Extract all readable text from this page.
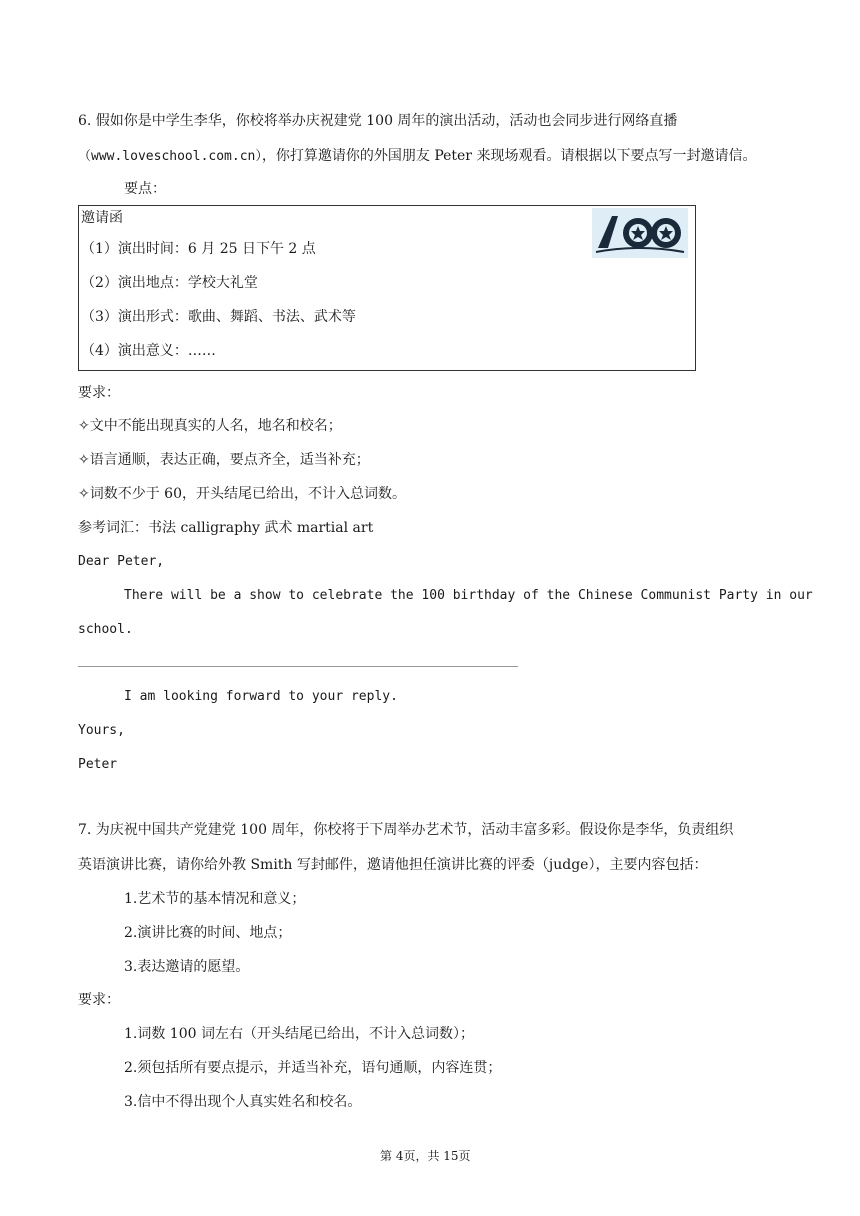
6. 假如你是中学生李华，你校将举办庆祝建党 100 周年的演出活动，活动也会同步进行网络直播
（www.loveschool.com.cn），你打算邀请你的外国朋友 Peter 来现场观看。请根据以下要点写一封邀请信。
要点：
邀请函
（1）演出时间：6 月 25 日下午 2 点
（2）演出地点：学校大礼堂
（3）演出形式：歌曲、舞蹈、书法、武术等
（4）演出意义：……
要求：
✧文中不能出现真实的人名，地名和校名；
✧语言通顺，表达正确，要点齐全，适当补充；
✧词数不少于 60，开头结尾已给出，不计入总词数。
参考词汇：书法 calligraphy 武术 martial art
Dear Peter,
There will be a show to celebrate the 100 birthday of the Chinese Communist Party in our
school.
I am looking forward to your reply.
Yours,
Peter
7. 为庆祝中国共产党建党 100 周年，你校将于下周举办艺术节，活动丰富多彩。假设你是李华，负责组织
英语演讲比赛，请你给外教 Smith 写封邮件，邀请他担任演讲比赛的评委（judge），主要内容包括：
1.艺术节的基本情况和意义；
2.演讲比赛的时间、地点；
3.表达邀请的愿望。
要求：
1.词数 100 词左右（开头结尾已给出，不计入总词数）；
2.须包括所有要点提示，并适当补充，语句通顺，内容连贯；
3.信中不得出现个人真实姓名和校名。
第 4页，共 15页
